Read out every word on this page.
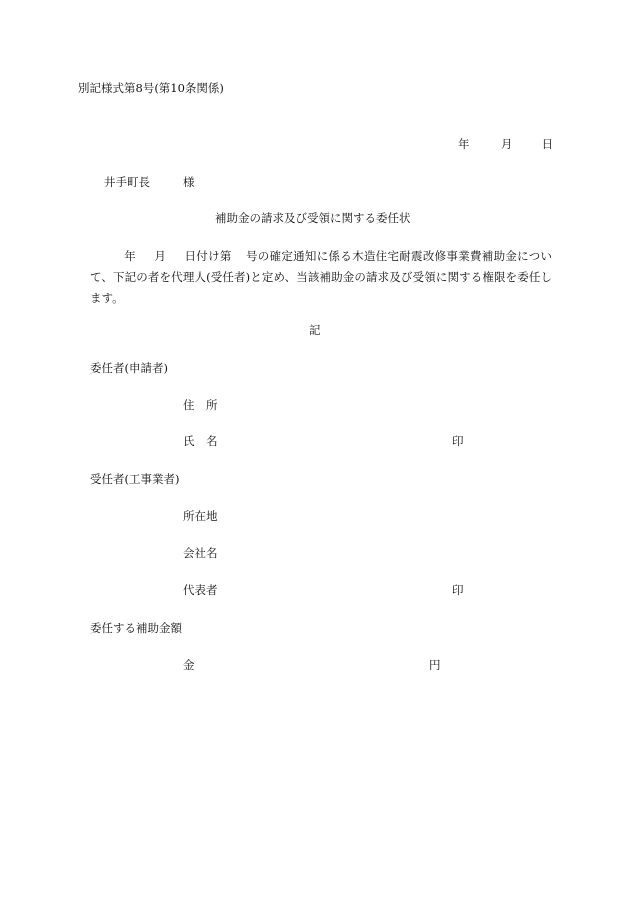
別記様式第8号(第10条関係)
年	月	日
井手町長	様
補助金の請求及び受領に関する委任状
年 月 日付け第 号の確定通知に係る木造住宅耐震改修事業費補助金について、下記の者を代理人(受任者)と定め、当該補助金の請求及び受領に関する権限を委任します。
記
委任者(申請者)
住　所
氏　名	印
受任者(工事業者)
所在地
会社名
代表者	印
委任する補助金額
金	円
